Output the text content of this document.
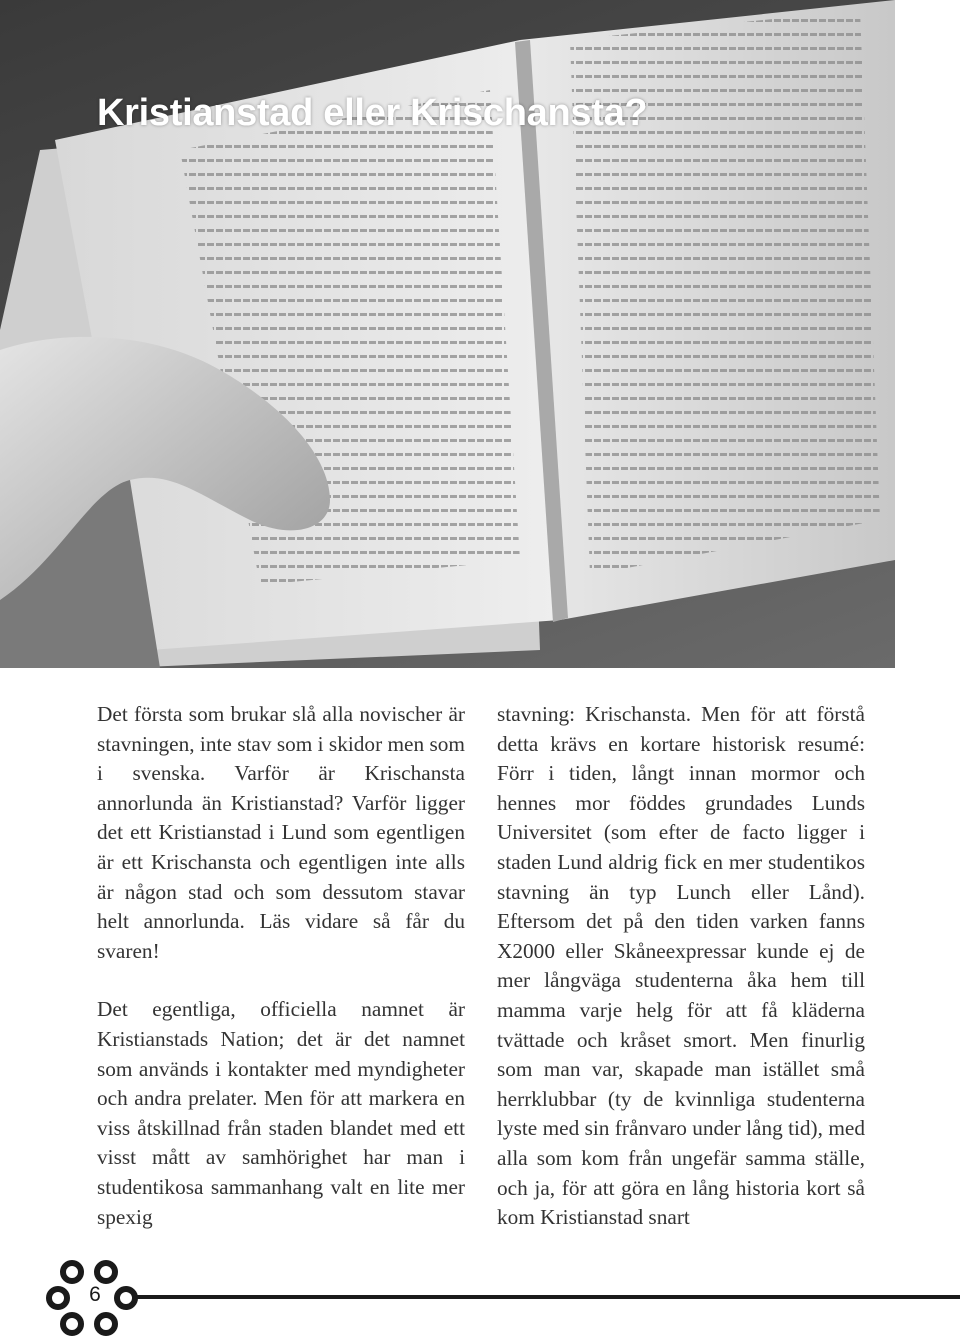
Kristianstad eller Krischansta?

Det första som brukar slå alla novischer är stavningen, inte stav som i skidor men som i svenska. Varför är Krischansta annorlunda än Kristianstad? Varför ligger det ett Kristianstad i Lund som egentligen är ett Krischansta och egentligen inte alls är någon stad och som dessutom stavar helt annorlunda. Läs vidare så får du svaren!

Det egentliga, officiella namnet är Kristianstads Nation; det är det namnet som används i kontakter med myndigheter och andra prelater. Men för att markera en viss åtskillnad från staden blandet med ett visst mått av samhörighet har man i studentikosa sammanhang valt en lite mer spexig

stavning: Krischansta. Men för att förstå detta krävs en kortare historisk resumé: Förr i tiden, långt innan mormor och hennes mor föddes grundades Lunds Universitet (som efter de facto ligger i staden Lund aldrig fick en mer studentikos stavning än typ Lunch eller Lånd). Eftersom det på den tiden varken fanns X2000 eller Skåneexpressar kunde ej de mer långväga studenterna åka hem till mamma varje helg för att få kläderna tvättade och kråset smort. Men finurlig som man var, skapade man istället små herrklubbar (ty de kvinnliga studenterna lyste med sin frånvaro under lång tid), med alla som kom från ungefär samma ställe, och ja, för att göra en lång historia kort så kom Kristianstad snart

6
